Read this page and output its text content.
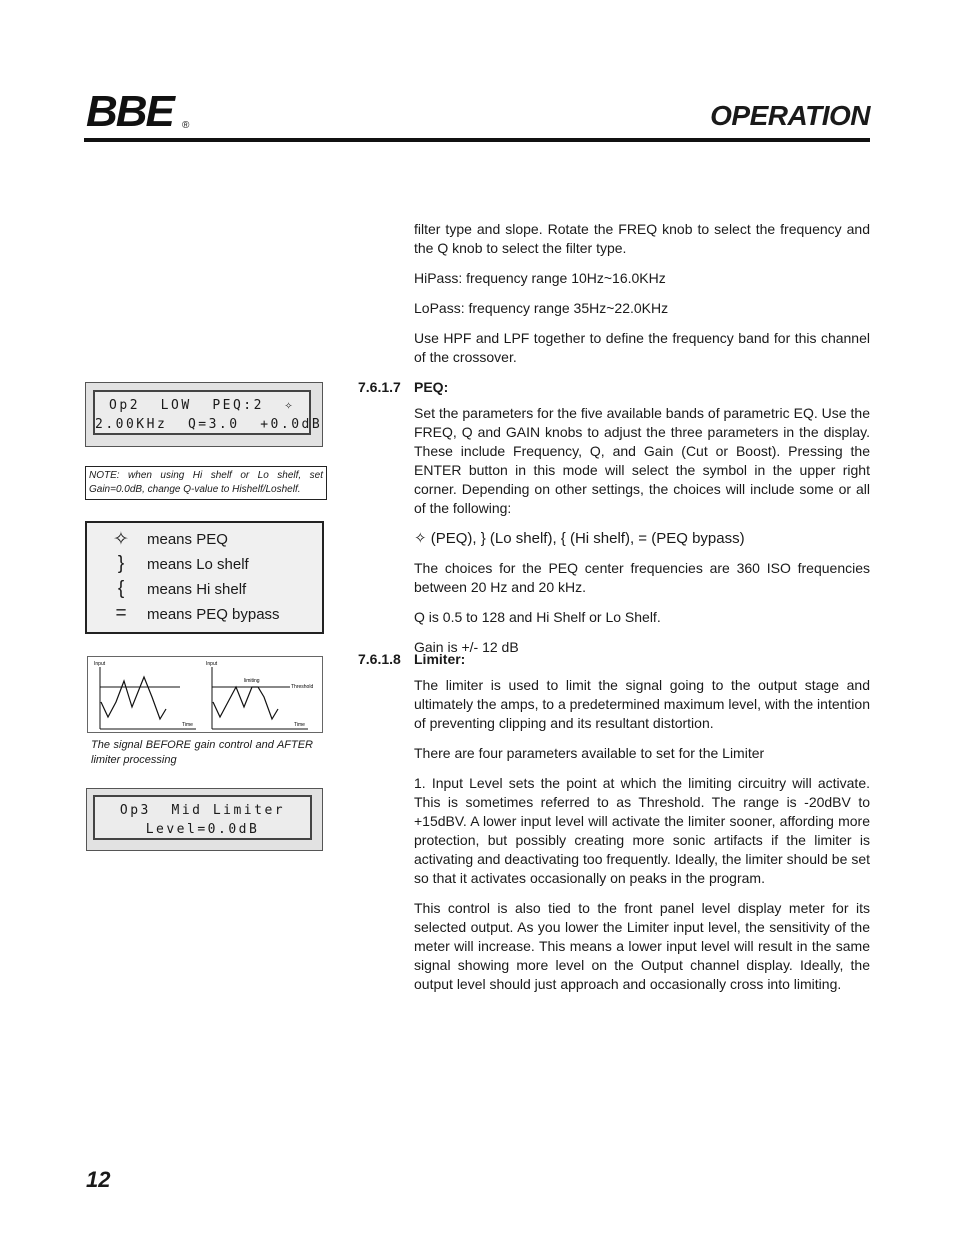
BBE ®	OPERATION

filter type and slope. Rotate the FREQ knob to select the frequency and the Q knob to select the filter type.

HiPass: frequency range 10Hz~16.0KHz

LoPass: frequency range 35Hz~22.0KHz

Use HPF and LPF together to define the frequency band for this channel of the crossover.

7.6.1.7 PEQ:

Set the parameters for the five available bands of parametric EQ. Use the FREQ, Q and GAIN knobs to adjust the three parameters in the display. These include Frequency, Q, and Gain (Cut or Boost). Pressing the ENTER button in this mode will select the symbol in the upper right corner. Depending on other settings, the choices will include some or all of the following:

✧ (PEQ), } (Lo shelf), { (Hi shelf), = (PEQ bypass)

The choices for the PEQ center frequencies are 360 ISO frequencies between 20 Hz and 20 kHz.

Q is 0.5 to 128 and Hi Shelf or Lo Shelf.

Gain is +/- 12 dB

7.6.1.8 Limiter:

The limiter is used to limit the signal going to the output stage and ultimately the amps, to a predetermined maximum level, with the intention of preventing clipping and its resultant distortion.

There are four parameters available to set for the Limiter

1. Input Level sets the point at which the limiting circuitry will activate. This is sometimes referred to as Threshold. The range is -20dBV to +15dBV. A lower input level will activate the limiter sooner, affording more protection, but possibly creating more sonic artifacts if the limiter is activating and deactivating too frequently. Ideally, the limiter should be set so that it activates occasionally on peaks in the program.

This control is also tied to the front panel level display meter for its selected output. As you lower the Limiter input level, the sensitivity of the meter will increase. This means a lower input level will result in the same signal showing more level on the Output channel display. Ideally, the output level should just approach and occasionally cross into limiting.

Op2  LOW  PEQ:2  ✧
2.00KHz  Q=3.0  +0.0dB
NOTE: when using Hi shelf or Lo shelf, set Gain=0.0dB, change Q-value to Hishelf/Loshelf.
✧ means PEQ
}	means Lo shelf
{	means Hi shelf
=	means PEQ bypass
Input
Time
Input
Time
limiting
Threshold
The signal BEFORE gain control and AFTER limiter processing
Op3  Mid Limiter
Level=0.0dB
12
